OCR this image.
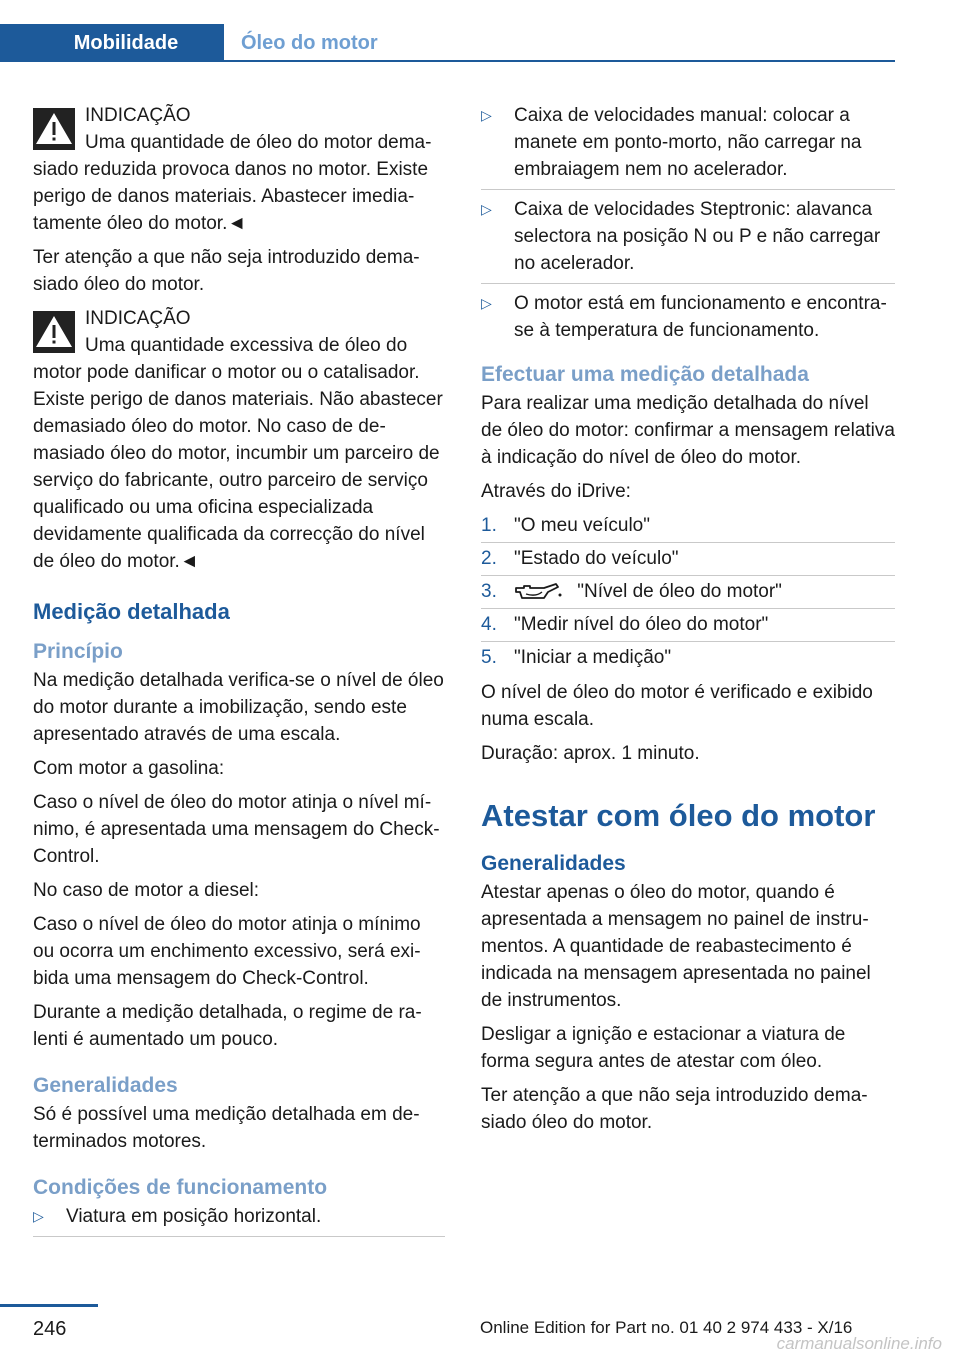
Mobilidade	Óleo do motor
INDICAÇÃO
Uma quantidade de óleo do motor demasiado reduzida provoca danos no motor. Existe perigo de danos materiais. Abastecer imediatamente óleo do motor.◄

Ter atenção a que não seja introduzido demasiado óleo do motor.

INDICAÇÃO
Uma quantidade excessiva de óleo do motor pode danificar o motor ou o catalisador. Existe perigo de danos materiais. Não abastecer demasiado óleo do motor. No caso de demasiado óleo do motor, incumbir um parceiro de serviço do fabricante, outro parceiro de serviço qualificado ou uma oficina especializada devidamente qualificada da correcção do nível de óleo do motor.◄
Medição detalhada
Princípio

Na medição detalhada verifica-se o nível de óleo do motor durante a imobilização, sendo este apresentado através de uma escala.

Com motor a gasolina:

Caso o nível de óleo do motor atinja o nível mínimo, é apresentada uma mensagem do Check-Control.

No caso de motor a diesel:

Caso o nível de óleo do motor atinja o mínimo ou ocorra um enchimento excessivo, será exibida uma mensagem do Check-Control.

Durante a medição detalhada, o regime de ralenti é aumentado um pouco.

Generalidades

Só é possível uma medição detalhada em determinados motores.

Condições de funcionamento
▷ Viatura em posição horizontal.
▷ Caixa de velocidades manual: colocar a manete em ponto-morto, não carregar na embraiagem nem no acelerador.
▷ Caixa de velocidades Steptronic: alavanca selectora na posição N ou P e não carregar no acelerador.
▷ O motor está em funcionamento e encontra-se à temperatura de funcionamento.
Efectuar uma medição detalhada

Para realizar uma medição detalhada do nível de óleo do motor: confirmar a mensagem relativa à indicação do nível de óleo do motor.

Através do iDrive:

1. "O meu veículo"
2. "Estado do veículo"
3.	"Nível de óleo do motor"
4. "Medir nível do óleo do motor"
5. "Iniciar a medição"

O nível de óleo do motor é verificado e exibido numa escala.

Duração: aprox. 1 minuto.

Atestar com óleo do motor
Generalidades

Atestar apenas o óleo do motor, quando é apresentada a mensagem no painel de instrumentos. A quantidade de reabastecimento é indicada na mensagem apresentada no painel de instrumentos.

Desligar a ignição e estacionar a viatura de forma segura antes de atestar com óleo.

Ter atenção a que não seja introduzido demasiado óleo do motor.

246	Online Edition for Part no. 01 40 2 974 433 - X/16
carmanualsonline.info
